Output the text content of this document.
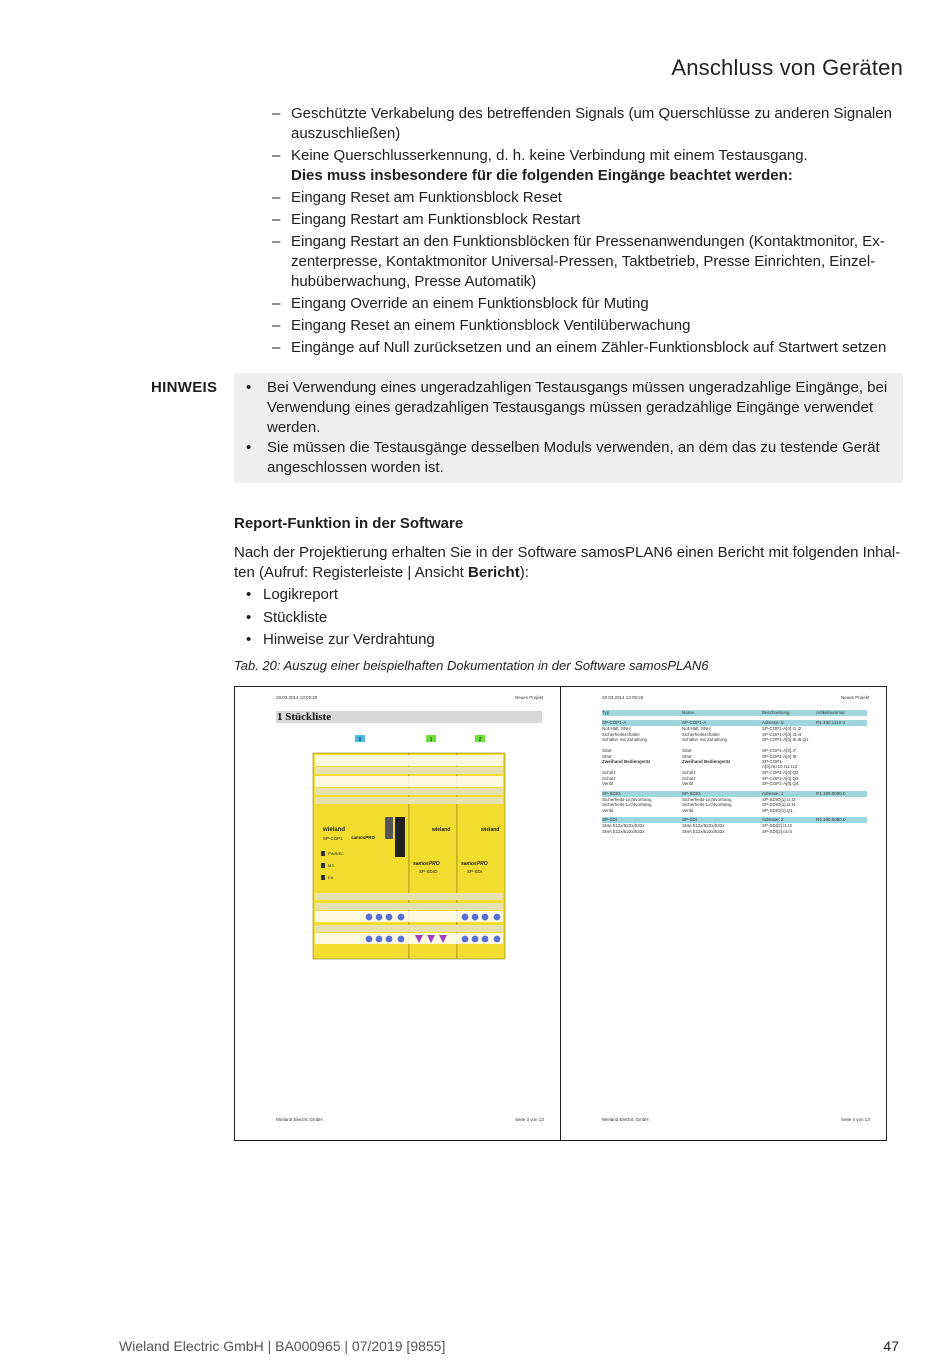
Anschluss von Geräten
– Geschützte Verkabelung des betreffenden Signals (um Querschlüsse zu anderen Signalen auszuschließen)
– Keine Querschlusserkennung, d. h. keine Verbindung mit einem Testausgang.
Dies muss insbesondere für die folgenden Eingänge beachtet werden:
– Eingang Reset am Funktionsblock Reset
– Eingang Restart am Funktionsblock Restart
– Eingang Restart an den Funktionsblöcken für Pressenanwendungen (Kontaktmonitor, Ex-zenterpresse, Kontaktmonitor Universal-Pressen, Taktbetrieb, Presse Einrichten, Einzel-hubüberwachung, Presse Automatik)
– Eingang Override an einem Funktionsblock für Muting
– Eingang Reset an einem Funktionsblock Ventilüberwachung
– Eingänge auf Null zurücksetzen und an einem Zähler-Funktionsblock auf Startwert setzen
HINWEIS • Bei Verwendung eines ungeradzahligen Testausgangs müssen ungeradzahlige Eingänge, bei Verwendung eines geradzahligen Testausgangs müssen geradzahlige Eingänge verwendet werden.
• Sie müssen die Testausgänge desselben Moduls verwenden, an dem das zu testende Gerät angeschlossen worden ist.
Report-Funktion in der Software
Nach der Projektierung erhalten Sie in der Software samosPLAN6 einen Bericht mit folgenden Inhal-ten (Aufruf: Registerleiste | Ansicht Bericht):
• Logikreport
• Stückliste
• Hinweise zur Verdrahtung
Tab. 20: Auszug einer beispielhaften Dokumentation in der Software samosPLAN6
28.03.2014 13:09:29	Neues Projekt
1 Stückliste
0	1	2
wieland
samosPRO
SP-COP1
PWR/EC
MS
EV
wieland	wieland
samosPRO
SP-SDIO
samosPRO
SP-SDI
Wieland Electric GmbH	Seite 3 von 13
28.03.2014 13:09:29	Neues Projekt
Typ	Name	Beschreibung	Artikelnummer
SP-COP1-A	SP-COP1-A	Adresse: 0	R1.190.1110.0
Not-Halt, SNH	Not-Halt, SNH	SP-COP1-A[0].I1.I2
Sicherheitsschalter	Sicherheitsschalter	SP-COP1-A[0].I3.I4
Schalter mit Zuhaltung	Schalter mit Zuhaltung	SP-COP1-A[0].I5.I6.Q1
Start	Start	SP-COP1-A[0].I7
Start	Start	SP-COP1-A[0].I8
Zweihand Bediengerät	Zweihand Bediengerät	SP-COP1-A[0].I9.I10.I11.I12
Schütz	Schütz	SP-COP1-A[0].Q2
Schütz	Schütz	SP-COP1-A[0].Q3
Ventil	Ventil	SP-COP1-A[0].Q4
SP-SDIO	SP-SDIO	Adresse: 1	R1.190.0090.0
Sicherheits-Lichtvorhang	Sicherheits-Lichtvorhang	SP-SDIO[1].I1.I2
Sicherheits-Lichtvorhang	Sicherheits-Lichtvorhang	SP-SDIO[1].I3.I4
Ventil	Ventil	SP-SDIO[1].Q1
SP-SDI	SP-SDI	Adresse: 2	R1.190.0080.0
SMA 512x/522x/532x	SMA 512x/522x/532x	SP-SDI[2].I1.I2
SMA 512x/522x/532x	SMA 512x/522x/532x	SP-SDI[2].I3.I4
Wieland Electric GmbH	Seite 4 von 13
Wieland Electric GmbH | BA000965 | 07/2019 [9855]	47
